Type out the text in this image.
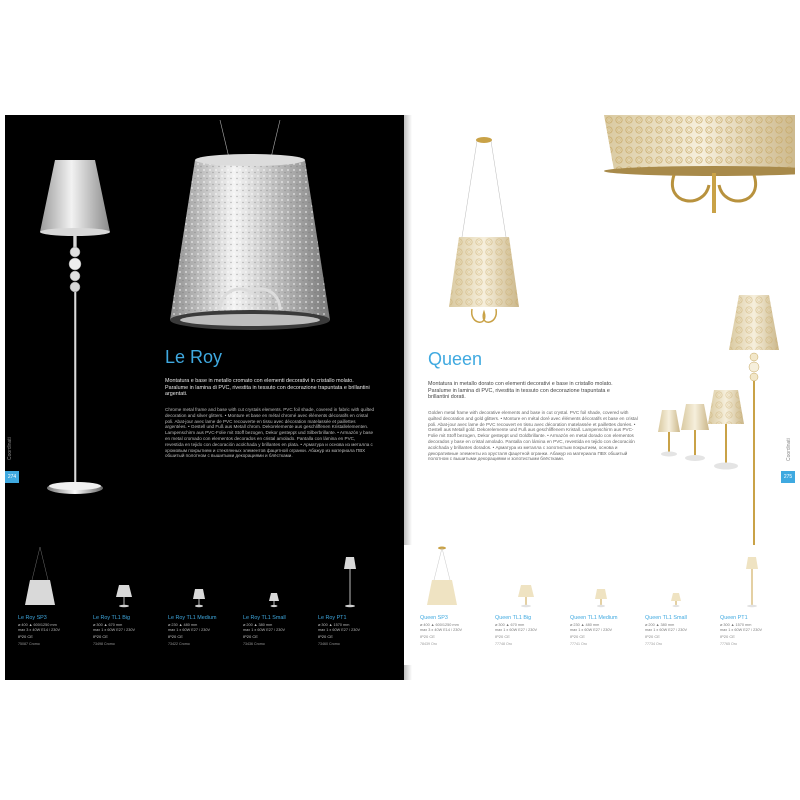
Le Roy

Montatura e base in metallo cromato con elementi decorativi in cristallo molato. Paralume in lamina di PVC, rivestita in tessuto con decorazione trapuntata e brillantini argentati.

Chrome metal frame and base with cut crystals elements. PVC foil shade, covered in fabric with quilted decoration and silver glitters. • Monture et base en métal chromé avec éléments décoratifs en cristal poli. Abat-jour avec lame de PVC recouverte en tissu avec décoration matelassée et paillettes argentées. • Gestell und Fuß aus Metall chrom. Dekorelemente aus geschliffenen Kristallelementen. Lampenschirm aus PVC-Folie mit Stoff bezogen, Dekor gesteppt und Silberbrillante. • Armazón y base en metal cromado con elementos decorados en cristal amolado. Pantalla con lámina en PVC, revestida en tejido con decoración acolchada y brillantes en plata. • Арматура и основа из металла с хромовым покрытием и стеклянных элементов фацетной огранки. Абажур из материала ПВХ обшитый полотном с вышитыми декорациями и блёстками.

Coordinati
274
Queen

Montatura in metallo dorato con elementi decorativi e base in cristallo molato. Paralume in lamina di PVC, rivestita in tessuto con decorazione trapuntata e brillantini dorati.

Golden metal frame with decorative elements and base in cut crystal. PVC foil shade, covered with quilted decoration and gold glitters. • Monture en métal doré avec éléments décoratifs et base en cristal poli. Abat-jour avec lame de PVC recouvert en tissu avec décoration matelassée et paillettes dorées. • Gestell aus Metall gold. Dekorelemente und Fuß aus geschliffenem Kristall. Lampenschirm aus PVC-Folie mit Stoff bezogen, Dekor gesteppt und Goldbrillante. • Armazón en metal dorado con elementos decorados y base en cristal amolado. Pantalla con lámina en PVC, revestida en tejido con decoración acolchada y brillantes dorados. • Арматура из металла с золотистым покрытием, основа и декоративные элементы из хрусталя фацетной огранки. Абажур из материала ПВХ обшитый полотном с вышитыми декорациями и золотистыми блёстками.	Coordinati
275
Le Roy SP3
⌀ 400 ▲ 600/1250 mm
max 3 x 40W E14 / 230V
IP20 CE
75087 Cromo
Le Roy TL1 Big
⌀ 300 ▲ 670 mm
max 1 x 60W E27 / 230V
IP20 CE
73498 Cromo
Le Roy TL1 Medium
⌀ 230 ▲ 480 mm
max 1 x 60W E27 / 230V
IP20 CE
73422 Cromo
Le Roy TL1 Small
⌀ 200 ▲ 380 mm
max 1 x 60W E27 / 230V
IP20 CE
73436 Cromo
Le Roy PT1
⌀ 300 ▲ 1570 mm
max 1 x 60W E27 / 230V
IP20 CE
73460 Cromo
Queen SP3
⌀ 400 ▲ 600/1250 mm
max 3 x 40W E14 / 230V
IP20 CE
78439 Oro
Queen TL1 Big
⌀ 300 ▲ 670 mm
max 1 x 60W E27 / 230V
IP20 CE
77748 Oro
Queen TL1 Medium
⌀ 230 ▲ 480 mm
max 1 x 60W E27 / 230V
IP20 CE
77741 Oro
Queen TL1 Small
⌀ 200 ▲ 380 mm
max 1 x 60W E27 / 230V
IP20 CE
77734 Oro
Queen PT1
⌀ 300 ▲ 1570 mm
max 1 x 60W E27 / 230V
IP20 CE
77765 Oro
